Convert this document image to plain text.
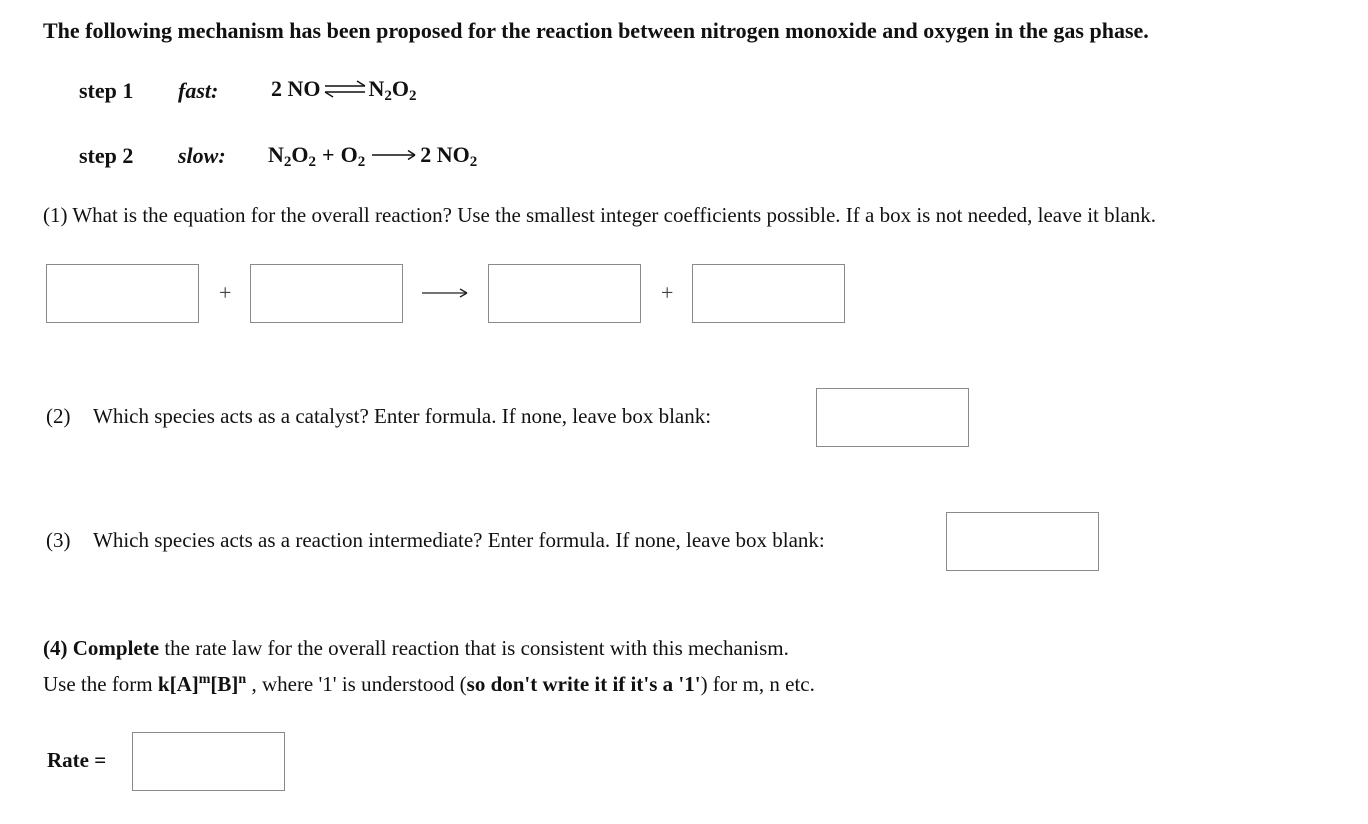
The following mechanism has been proposed for the reaction between nitrogen monoxide and oxygen in the gas phase.
step 1 fast: 2 NO ⇌ $N_2O_2$
step 2 slow: $N_2O_2 + O_2$	2 $NO_2$
(1) What is the equation for the overall reaction? Use the smallest integer coefficients possible. If a box is not needed, leave it blank.
+	+
(2) Which species acts as a catalyst? Enter formula. If none, leave box blank:
(3) Which species acts as a reaction intermediate? Enter formula. If none, leave box blank:
(4) Complete the rate law for the overall reaction that is consistent with this mechanism.
Use the form $k[A]^m[B]^n$ , where '1' is understood (so don't write it if it's a '1') for m, n etc.
Rate =
